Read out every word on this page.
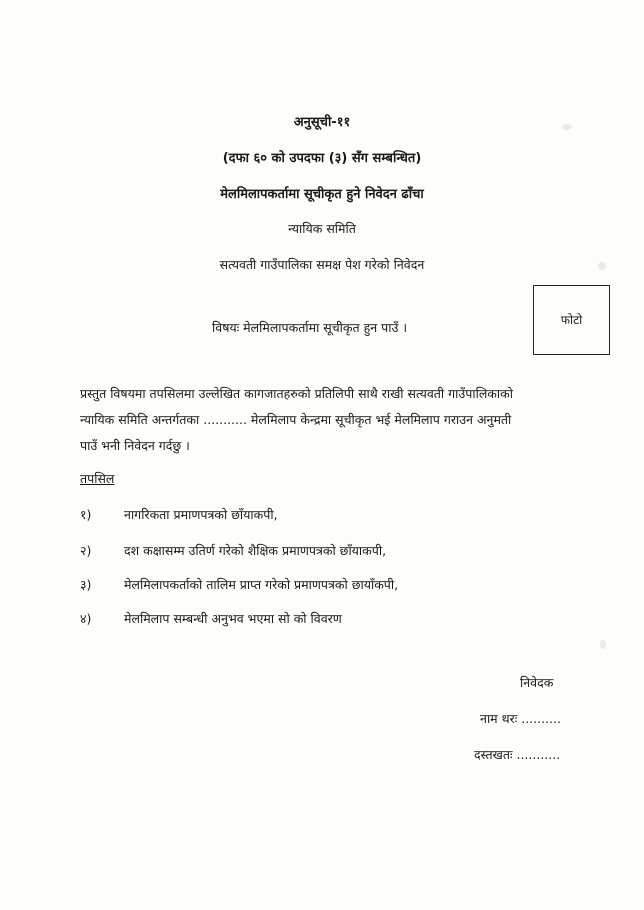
अनुसूची-११
(दफा ६० को उपदफा (३) सँग सम्बन्धित)
मेलमिलापकर्तामा सूचीकृत हुने निवेदन ढाँचा
न्यायिक समिति
सत्यवती गाउँपालिका समक्ष पेश गरेको निवेदन
फोटो
विषयः मेलमिलापकर्तामा सूचीकृत हुन पाउँ ।
प्रस्तुत विषयमा तपसिलमा उल्लेखित कागजातहरुको प्रतिलिपी साथै राखी सत्यवती गाउँपालिकाको
न्यायिक समिति अन्तर्गतका ........... मेलमिलाप केन्द्रमा सूचीकृत भई मेलमिलाप गराउन अनुमती
पाउँ भनी निवेदन गर्दछु ।
तपसिल
१)	नागरिकता प्रमाणपत्रको छाँयाकपी,
२)	दश कक्षासम्म उतिर्ण गरेको शैक्षिक प्रमाणपत्रको छाँयाकपी,
३)	मेलमिलापकर्ताको तालिम प्राप्त गरेको प्रमाणपत्रको छायाँकपी,
४)	मेलमिलाप सम्बन्धी अनुभव भएमा सो को विवरण
निवेदक
नाम थरः ..........
दस्तखतः ...........
